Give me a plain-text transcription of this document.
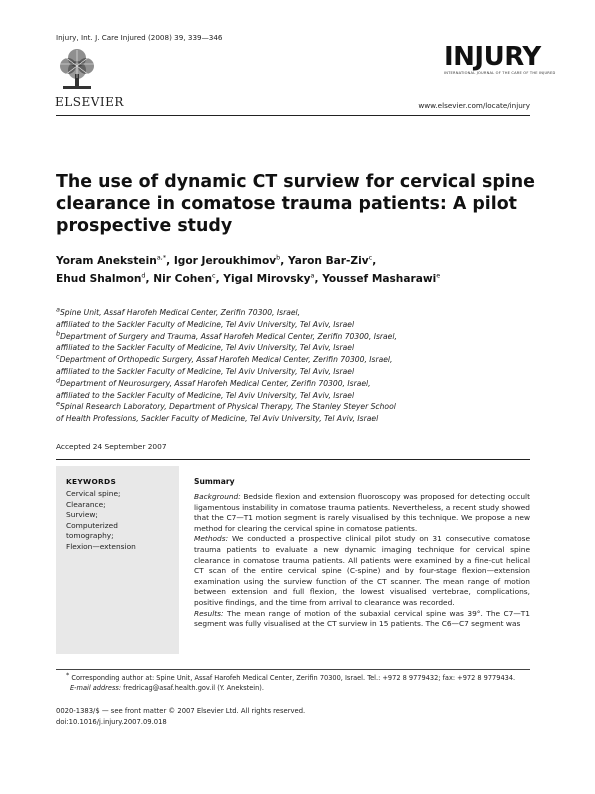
Injury, Int. J. Care Injured (2008) 39, 339—346
ELSEVIER
INJURY
INTERNATIONAL JOURNAL OF THE CARE OF THE INJURED
www.elsevier.com/locate/injury
The use of dynamic CT surview for cervical spine clearance in comatose trauma patients: A pilot prospective study
Yoram Anekstein$^{a,*}$, Igor Jeroukhimov$^b$, Yaron Bar-Ziv$^c$,
Ehud Shalmon$^d$, Nir Cohen$^c$, Yigal Mirovsky$^a$, Youssef Masharawi$^e$
$^a$Spine Unit, Assaf Harofeh Medical Center, Zerifin 70300, Israel,
affiliated to the Sackler Faculty of Medicine, Tel Aviv University, Tel Aviv, Israel
$^b$Department of Surgery and Trauma, Assaf Harofeh Medical Center, Zerifin 70300, Israel,
affiliated to the Sackler Faculty of Medicine, Tel Aviv University, Tel Aviv, Israel
$^c$Department of Orthopedic Surgery, Assaf Harofeh Medical Center, Zerifin 70300, Israel,
affiliated to the Sackler Faculty of Medicine, Tel Aviv University, Tel Aviv, Israel
$^d$Department of Neurosurgery, Assaf Harofeh Medical Center, Zerifin 70300, Israel,
affiliated to the Sackler Faculty of Medicine, Tel Aviv University, Tel Aviv, Israel
$^e$Spinal Research Laboratory, Department of Physical Therapy, The Stanley Steyer School
of Health Professions, Sackler Faculty of Medicine, Tel Aviv University, Tel Aviv, Israel
Accepted 24 September 2007
KEYWORDS
Cervical spine;
Clearance;
Surview;
Computerized
tomography;
Flexion—extension
Summary

Background: Bedside flexion and extension fluoroscopy was proposed for detecting occult ligamentous instability in comatose trauma patients. Nevertheless, a recent study showed that the C7—T1 motion segment is rarely visualised by this technique. We propose a new method for clearing the cervical spine in comatose patients.

Methods: We conducted a prospective clinical pilot study on 31 consecutive comatose trauma patients to evaluate a new dynamic imaging technique for cervical spine clearance in comatose trauma patients. All patients were examined by a fine-cut helical CT scan of the entire cervical spine (C-spine) and by four-stage flexion—extension examination using the surview function of the CT scanner. The mean range of motion between extension and full flexion, the lowest visualised vertebrae, complications, positive findings, and the time from arrival to clearance was recorded.

Results: The mean range of motion of the subaxial cervical spine was 39°. The C7—T1 segment was fully visualised at the CT surview in 15 patients. The C6—C7 segment was

* Corresponding author at: Spine Unit, Assaf Harofeh Medical Center, Zerifin 70300, Israel. Tel.: +972 8 9779432; fax: +972 8 9779434.
E-mail address: fredricag@asaf.health.gov.il (Y. Anekstein).
0020-1383/$ — see front matter © 2007 Elsevier Ltd. All rights reserved.
doi:10.1016/j.injury.2007.09.018
